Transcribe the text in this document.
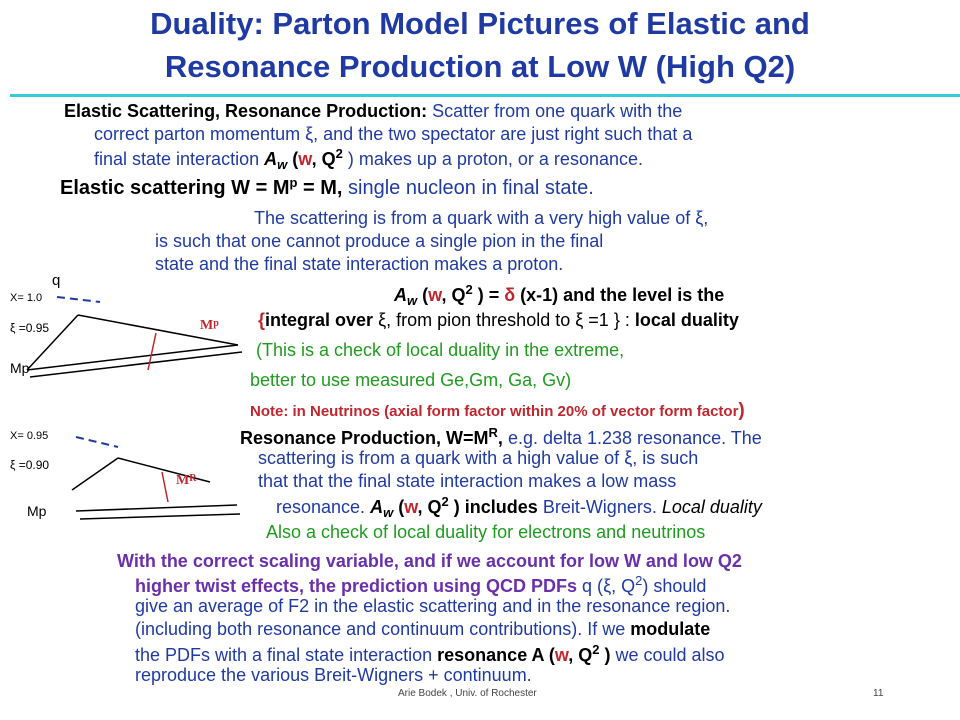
Duality: Parton Model Pictures of Elastic and
Resonance Production at Low W (High Q2)
Elastic Scattering, Resonance Production: Scatter from one quark with the
correct parton momentum ξ, and the two spectator are just right such that a
final state interaction $A_w$ (w, $Q^2$ ) makes up a proton, or a resonance.
Elastic scattering $W = M^p = M$, single nucleon in final state.
The scattering is from a quark with a very high value of ξ,
is such that one cannot produce a single pion in the final
state and the final state interaction makes a proton.
$A_w$ (w, $Q^2$ ) = δ (x-1) and the level is the
{integral over ξ, from pion threshold to ξ =1 } : local duality
(This is a check of local duality in the extreme,
better to use measured Ge,Gm, Ga, Gv)
Note: in Neutrinos (axial form factor within 20% of vector form factor)
Resonance Production, $W=M^R$, e.g. delta 1.238 resonance. The
scattering is from a quark with a high value of ξ, is such
that that the final state interaction makes a low mass
resonance. $A_w$ (w, $Q^2$ ) includes Breit-Wigners. Local duality
Also a check of local duality for electrons and neutrinos
With the correct scaling variable, and if we account for low W and low Q2
higher twist effects, the prediction using QCD PDFs q (ξ, $Q^2$) should
give an average of F2 in the elastic scattering and in the resonance region.
(including both resonance and continuum contributions). If we modulate
the PDFs with a final state interaction resonance A (w, $Q^2$ ) we could also
reproduce the various Breit-Wigners + continuum.
q
X= 1.0
ξ =0.95
Mp
$M^p$
X= 0.95
ξ =0.90
Mp
$M^R$
Arie Bodek , Univ. of Rochester	11
